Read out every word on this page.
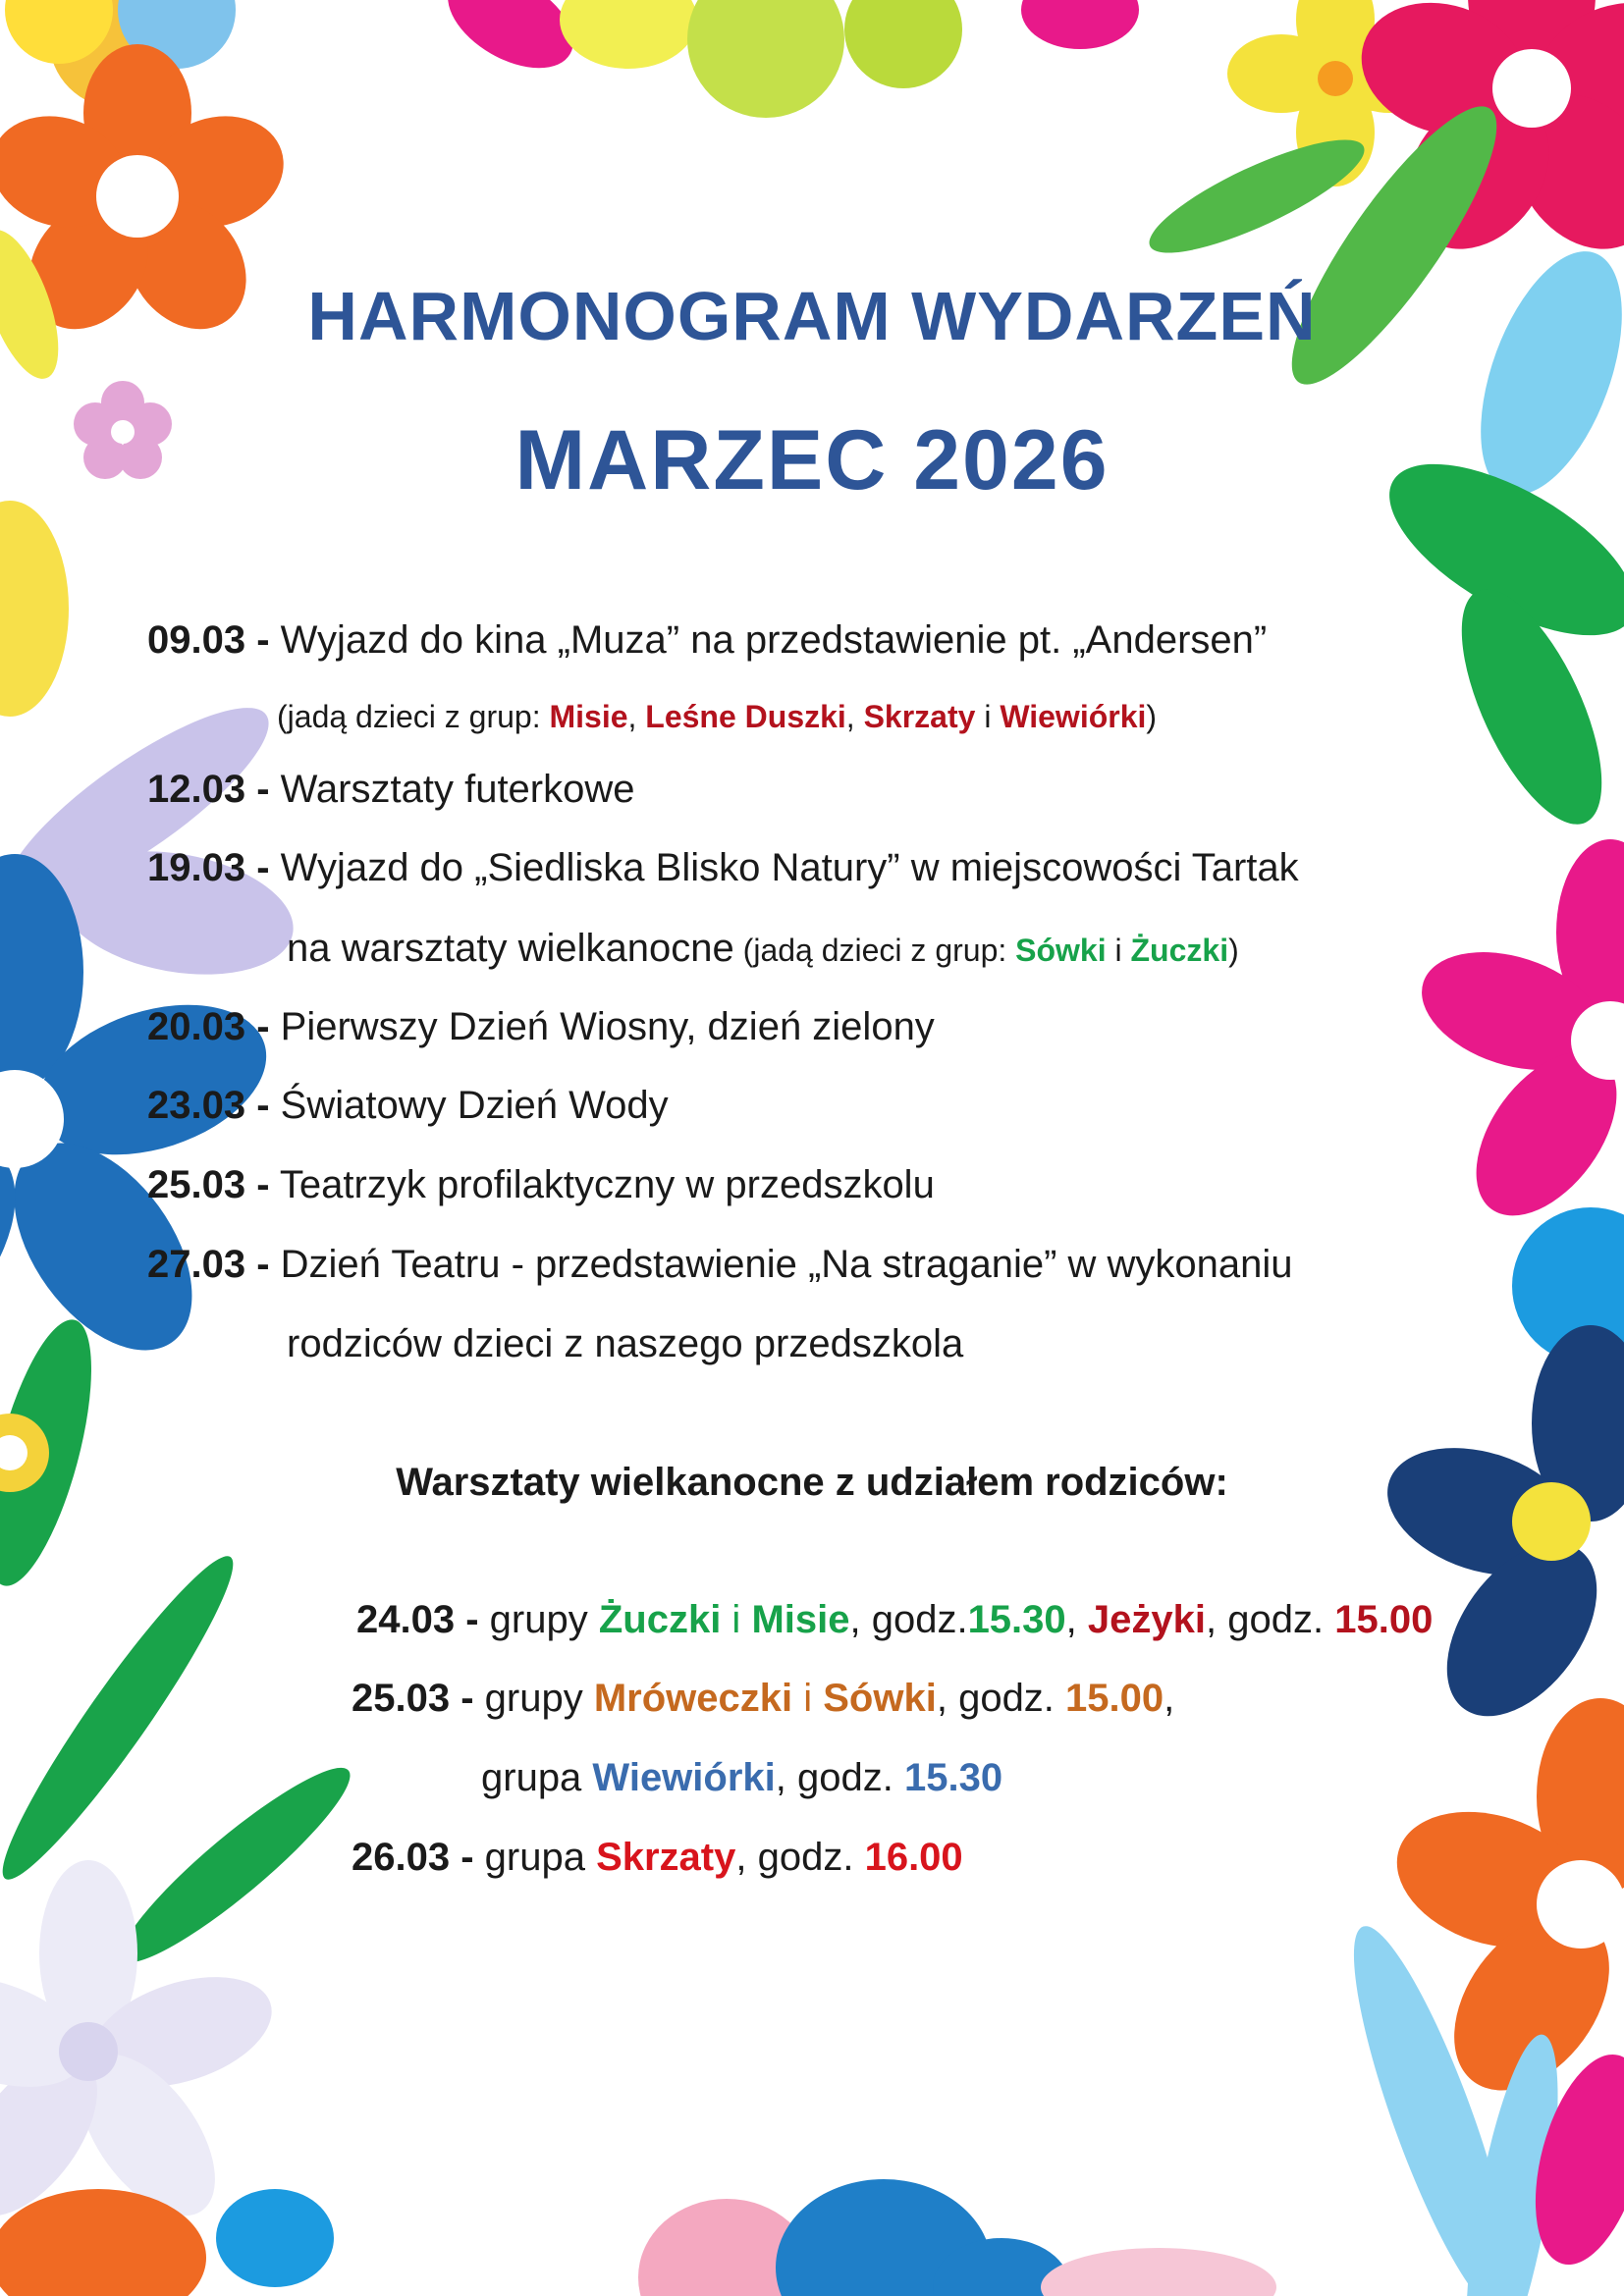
HARMONOGRAM WYDARZEŃ
MARZEC 2026
09.03 - Wyjazd do kina „Muza” na przedstawienie pt. „Andersen”
(jadą dzieci z grup: Misie, Leśne Duszki, Skrzaty i Wiewiórki)
12.03 - Warsztaty futerkowe
19.03 - Wyjazd do „Siedliska Blisko Natury” w miejscowości Tartak
na warsztaty wielkanocne (jadą dzieci z grup: Sówki i Żuczki)
20.03 - Pierwszy Dzień Wiosny, dzień zielony
23.03 - Światowy Dzień Wody
25.03 - Teatrzyk profilaktyczny w przedszkolu
27.03 - Dzień Teatru - przedstawienie „Na straganie” w wykonaniu
rodziców dzieci z naszego przedszkola
Warsztaty wielkanocne z udziałem rodziców:
24.03 - grupy Żuczki i Misie, godz.15.30, Jeżyki, godz. 15.00
25.03 - grupy Mróweczki i Sówki, godz. 15.00,
grupa Wiewiórki, godz. 15.30
26.03 - grupa Skrzaty, godz. 16.00
